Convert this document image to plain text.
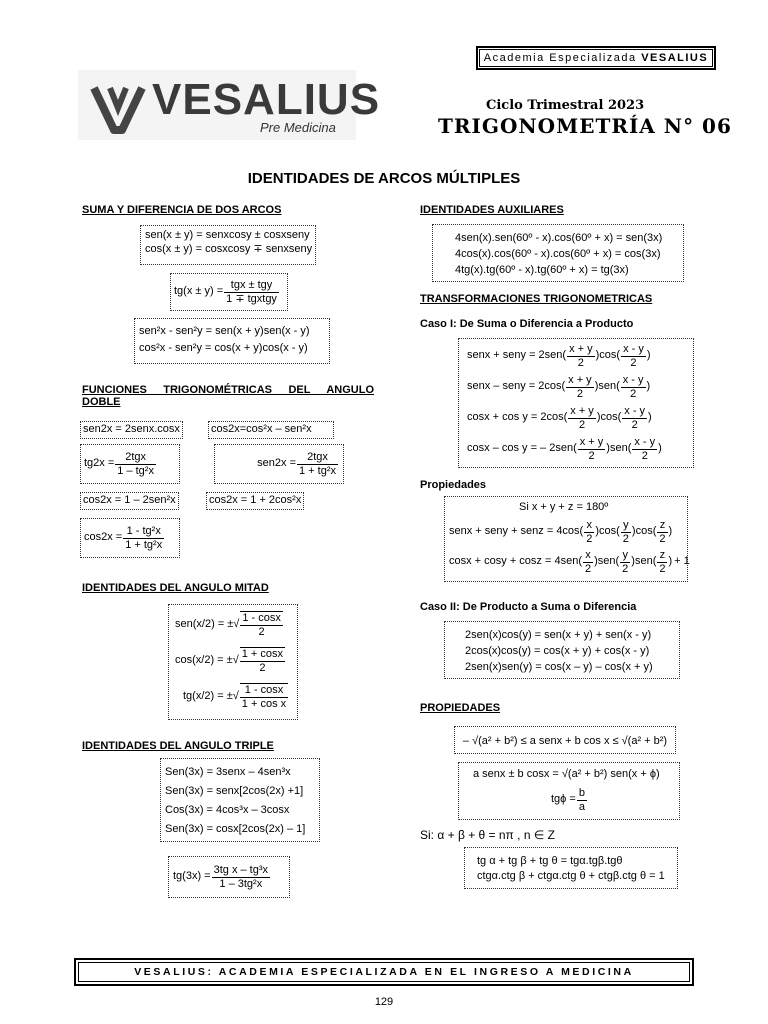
Academia Especializada VESALIUS
VESALIUS
Pre Medicina
Ciclo Trimestral 2023
TRIGONOMETRÍA N° 06
IDENTIDADES DE ARCOS MÚLTIPLES
SUMA Y DIFERENCIA DE DOS ARCOS
sen(x ± y) = senxcosy ± cosxseny
cos(x ± y) = cosxcosy ∓ senxseny
$tg(x \pm y) = \frac{\text{tgx ± tgy}}{\text{1 ∓ tgxtgy}}$
sen²x - sen²y = sen(x + y)sen(x - y)
cos²x - sen²y = cos(x + y)cos(x - y)
FUNCIONES TRIGONOMÉTRICAS DEL ANGULO DOBLE
sen2x = 2senx.cosx	cos2x=cos²x – sen²x
$tg2x = \frac{\text{2tgx}}{\text{1 – tg²x}}$	$sen2x = \frac{\text{2tgx}}{\text{1 + tg²x}}$
cos2x = 1 – 2sen²x	cos2x = 1 + 2cos²x
$\cos 2x = \frac{\text{1 - tg²x}}{\text{1 + tg²x}}$
IDENTIDADES DEL ANGULO MITAD
sen(x/2) = ±√ $\frac{1 - \cos x}{2}$
cos(x/2) = ±√ $\frac{1 + \cos x}{2}$
tg(x/2) = ±√ $\frac{1 - \cos x}{\text{1 + cos x}}$
IDENTIDADES DEL ANGULO TRIPLE
Sen(3x) = 3senx – 4sen³x
Sen(3x) = senx[2cos(2x) +1]
Cos(3x) = 4cos³x – 3cosx
Sen(3x) = cosx[2cos(2x) – 1]
$tg(3x) = \frac{\text{3tg x – tg³x}}{\text{1 – 3tg²x}}$
IDENTIDADES AUXILIARES
4sen(x).sen(60º - x).cos(60º + x) = sen(3x)
4cos(x).cos(60º - x).cos(60º + x) = cos(3x)
4tg(x).tg(60º - x).tg(60º + x) = tg(3x)
TRANSFORMACIONES TRIGONOMETRICAS
Caso I: De Suma o Diferencia a Producto
senx + seny = $2sen( \frac{x + y}{2} )\cos( \frac{x - y}{2}$ )
senx – seny = $2\cos( \frac{x + y}{2} )sen( \frac{x - y}{2}$ )
$\cos x + \cos y = 2\cos( \frac{x + y}{2} )\cos( \frac{x - y}{2}$ )
cosx – cos y = – $2sen( \frac{x + y}{2} )sen( \frac{x - y}{2}$ )
Propiedades
Si x + y + z = 180º
senx + seny + senz = $4\cos( \frac{x}{2} )\cos( \frac{y}{2} )\cos( \frac{z}{2}$ )
$\cos x + \cos y + \cos z = 4sen( \frac{x}{2} )sen( \frac{y}{2} )sen( \frac{z}{2}$ ) + 1
Caso II: De Producto a Suma o Diferencia
2sen(x)cos(y) = sen(x + y) + sen(x - y)
2cos(x)cos(y) = cos(x + y) + cos(x - y)
2sen(x)sen(y) = cos(x – y) – cos(x + y)
PROPIEDADES
– √(a² + b²) ≤ a senx + b cos x ≤ √(a² + b²)
a senx ± b cosx = √(a² + b²) sen(x + ϕ)
$tg\phi = \frac{b}{a}$
Si: α + β + θ = nπ , n ∈ Z
tg α + tg β + tg θ = tgα.tgβ.tgθ
ctgα.ctg β + ctgα.ctg θ + ctgβ.ctg θ = 1
VESALIUS: ACADEMIA ESPECIALIZADA EN EL INGRESO A MEDICINA
129
